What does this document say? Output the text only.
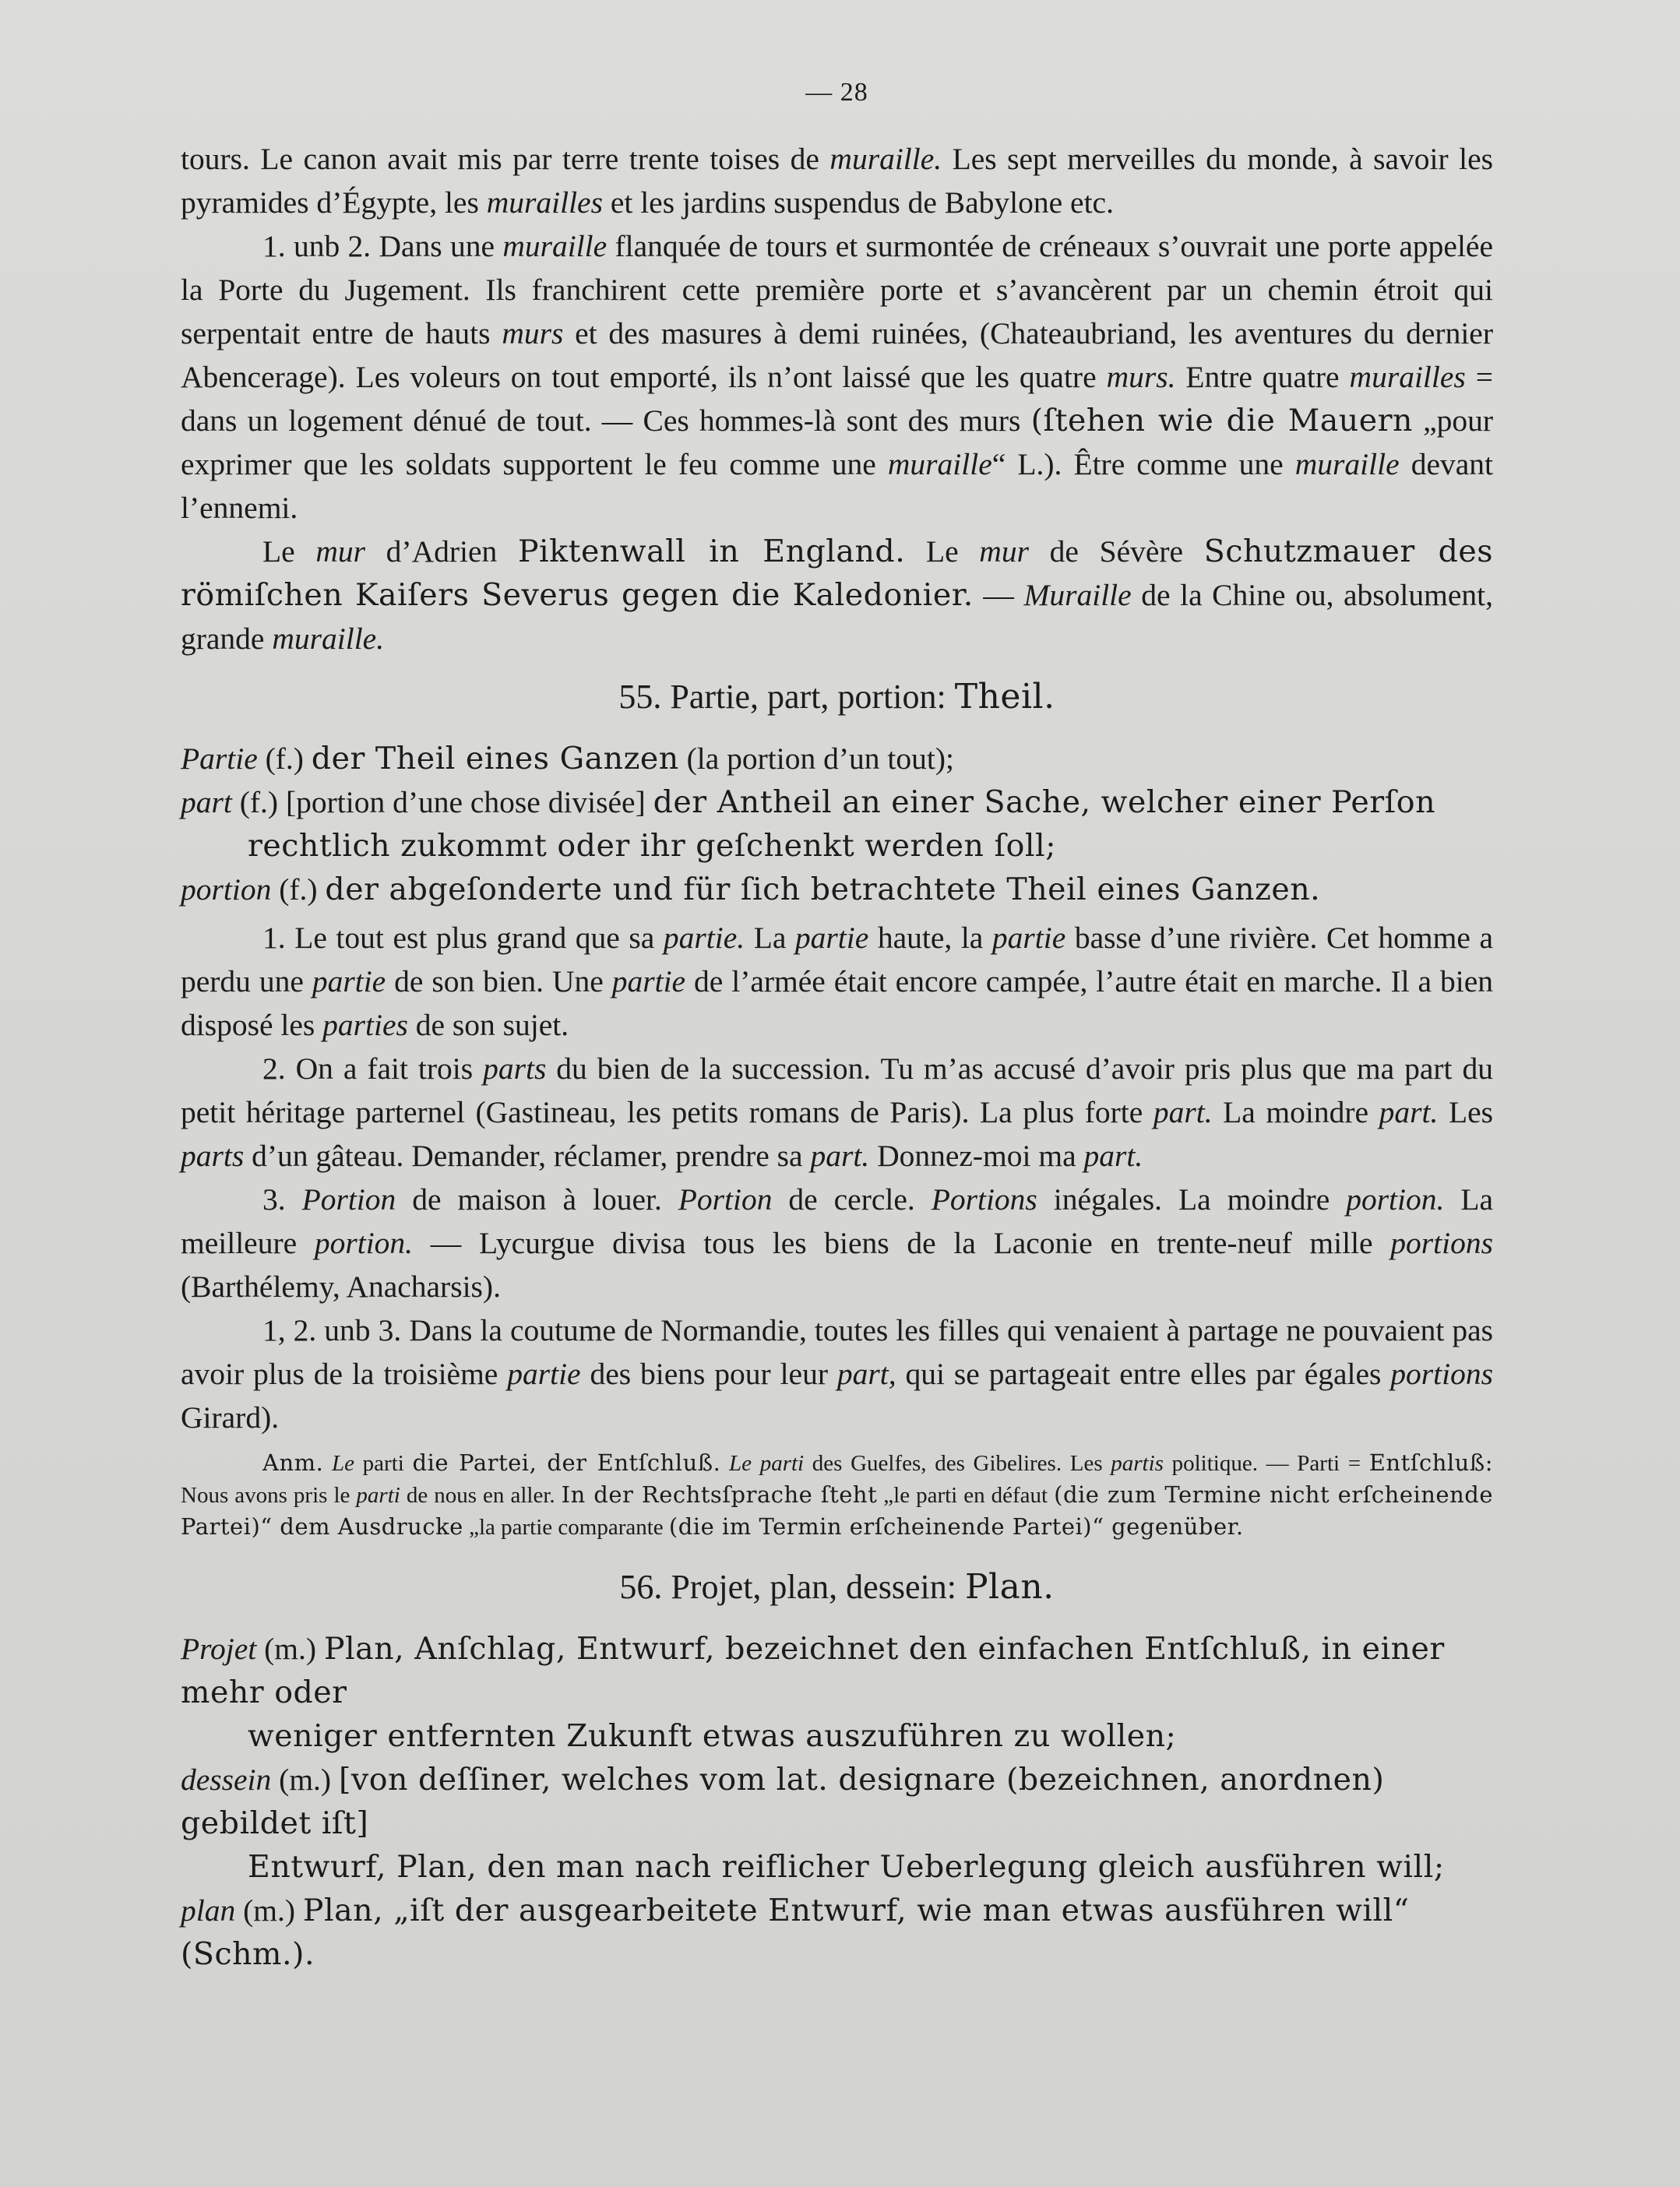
— 28

tours. Le canon avait mis par terre trente toises de muraille. Les sept merveilles du monde, à savoir les pyramides d’Égypte, les murailles et les jardins suspendus de Babylone etc.

1. unb 2. Dans une muraille flanquée de tours et surmontée de créneaux s’ouvrait une porte appelée la Porte du Jugement. Ils franchirent cette première porte et s’avancèrent par un chemin étroit qui serpentait entre de hauts murs et des masures à demi ruinées, (Chateaubriand, les aventures du dernier Abencerage). Les voleurs on tout emporté, ils n’ont laissé que les quatre murs. Entre quatre murailles = dans un logement dénué de tout. — Ces hommes-là sont des murs (ſtehen wie die Mauern „pour exprimer que les soldats supportent le feu comme une muraille“ L.). Être comme une muraille devant l’ennemi.

Le mur d’Adrien Piktenwall in England. Le mur de Sévère Schutzmauer des römiſchen Kaiſers Severus gegen die Kaledonier. — Muraille de la Chine ou, absolument, grande muraille.

55. Partie, part, portion: Theil.
Partie (f.) der Theil eines Ganzen (la portion d’un tout);
part (f.) [portion d’une chose divisée] der Antheil an einer Sache, welcher einer Perſon
rechtlich zukommt oder ihr geſchenkt werden ſoll;
portion (f.) der abgeſonderte und für ſich betrachtete Theil eines Ganzen.

1. Le tout est plus grand que sa partie. La partie haute, la partie basse d’une rivière. Cet homme a perdu une partie de son bien. Une partie de l’armée était encore campée, l’autre était en marche. Il a bien disposé les parties de son sujet.

2. On a fait trois parts du bien de la succession. Tu m’as accusé d’avoir pris plus que ma part du petit héritage parternel (Gastineau, les petits romans de Paris). La plus forte part. La moindre part. Les parts d’un gâteau. Demander, réclamer, prendre sa part. Donnez-moi ma part.

3. Portion de maison à louer. Portion de cercle. Portions inégales. La moindre portion. La meilleure portion. — Lycurgue divisa tous les biens de la Laconie en trente-neuf mille portions (Barthélemy, Anacharsis).

1, 2. unb 3. Dans la coutume de Normandie, toutes les filles qui venaient à partage ne pouvaient pas avoir plus de la troisième partie des biens pour leur part, qui se partageait entre elles par égales portions Girard).

Anm. Le parti die Partei, der Entſchluß. Le parti des Guelfes, des Gibelires. Les partis politique. — Parti = Entſchluß: Nous avons pris le parti de nous en aller. In der Rechtsſprache ſteht „le parti en défaut (die zum Termine nicht erſcheinende Partei)“ dem Ausdrucke „la partie comparante (die im Termin erſcheinende Partei)“ gegenüber.
56. Projet, plan, dessein: Plan.
Projet (m.) Plan, Anſchlag, Entwurf, bezeichnet den einfachen Entſchluß, in einer mehr oder
weniger entfernten Zukunft etwas auszuführen zu wollen;
dessein (m.) [von deſſiner, welches vom lat. designare (bezeichnen, anordnen) gebildet iſt]
Entwurf, Plan, den man nach reiflicher Ueberlegung gleich ausführen will;
plan (m.) Plan, „iſt der ausgearbeitete Entwurf, wie man etwas ausführen will“ (Schm.).
